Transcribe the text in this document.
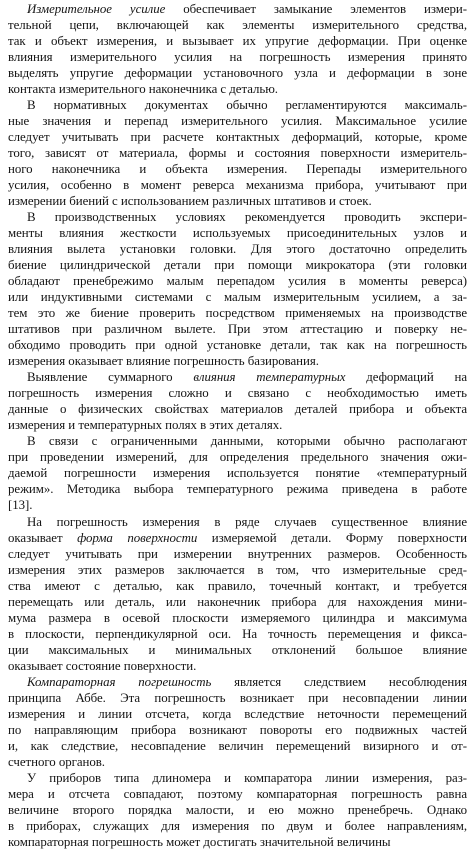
Измерительное усилие обеспечивает замыкание элементов измери-
тельной цепи, включающей как элементы измерительного средства,
так и объект измерения, и вызывает их упругие деформации. При оценке
влияния измерительного усилия на погрешность измерения принято
выделять упругие деформации установочного узла и деформации в зоне
контакта измерительного наконечника с деталью.
В нормативных документах обычно регламентируются максималь-
ные значения и перепад измерительного усилия. Максимальное усилие
следует учитывать при расчете контактных деформаций, которые, кроме
того, зависят от материала, формы и состояния поверхности измеритель-
ного наконечника и объекта измерения. Перепады измерительного
усилия, особенно в момент реверса механизма прибора, учитывают при
измерении биений с использованием различных штативов и стоек.
В производственных условиях рекомендуется проводить экспери-
менты влияния жесткости используемых присоединительных узлов и
влияния вылета установки головки. Для этого достаточно определить
биение цилиндрической детали при помощи микрокатора (эти головки
обладают пренебрежимо малым перепадом усилия в моменты реверса)
или индуктивными системами с малым измерительным усилием, а за-
тем это же биение проверить посредством применяемых на производстве
штативов при различном вылете. При этом аттестацию и поверку не-
обходимо проводить при одной установке детали, так как на погрешность
измерения оказывает влияние погрешность базирования.
Выявление суммарного влияния температурных деформаций на
погрешность измерения сложно и связано с необходимостью иметь
данные о физических свойствах материалов деталей прибора и объекта
измерения и температурных полях в этих деталях.
В связи с ограниченными данными, которыми обычно располагают
при проведении измерений, для определения предельного значения ожи-
даемой погрешности измерения используется понятие «температурный
режим». Методика выбора температурного режима приведена в работе
[13].
На погрешность измерения в ряде случаев существенное влияние
оказывает форма поверхности измеряемой детали. Форму поверхности
следует учитывать при измерении внутренних размеров. Особенность
измерения этих размеров заключается в том, что измерительные сред-
ства имеют с деталью, как правило, точечный контакт, и требуется
перемещать или деталь, или наконечник прибора для нахождения мини-
мума размера в осевой плоскости измеряемого цилиндра и максимума
в плоскости, перпендикулярной оси. На точность перемещения и фикса-
ции максимальных и минимальных отклонений большое влияние
оказывает состояние поверхности.
Компараторная погрешность является следствием несоблюдения
принципа Аббе. Эта погрешность возникает при несовпадении линии
измерения и линии отсчета, когда вследствие неточности перемещений
по направляющим прибора возникают повороты его подвижных частей
и, как следствие, несовпадение величин перемещений визирного и от-
счетного органов.
У приборов типа длиномера и компаратора линии измерения, раз-
мера и отсчета совпадают, поэтому компараторная погрешность равна
величине второго порядка малости, и ею можно пренебречь. Однако
в приборах, служащих для измерения по двум и более направлениям,
компараторная погрешность может достигать значительной величины
